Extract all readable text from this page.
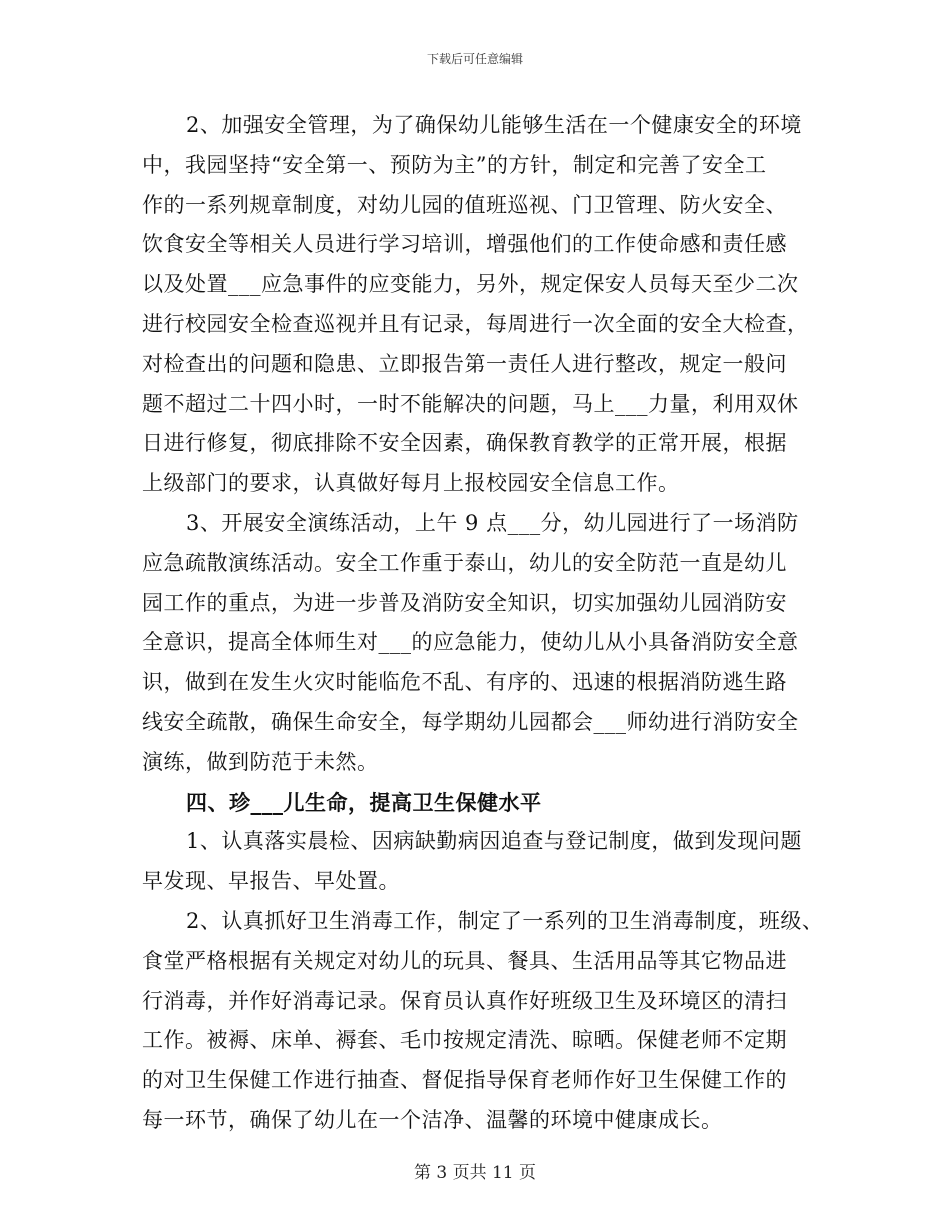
下载后可任意编辑
2、加强安全管理，为了确保幼儿能够生活在一个健康安全的环境
中，我园坚持“安全第一、预防为主”的方针，制定和完善了安全工
作的一系列规章制度，对幼儿园的值班巡视、门卫管理、防火安全、
饮食安全等相关人员进行学习培训，增强他们的工作使命感和责任感
以及处置___应急事件的应变能力，另外，规定保安人员每天至少二次
进行校园安全检查巡视并且有记录，每周进行一次全面的安全大检查，
对检查出的问题和隐患、立即报告第一责任人进行整改，规定一般问
题不超过二十四小时，一时不能解决的问题，马上___力量，利用双休
日进行修复，彻底排除不安全因素，确保教育教学的正常开展，根据
上级部门的要求，认真做好每月上报校园安全信息工作。
3、开展安全演练活动，上午 9 点___分，幼儿园进行了一场消防
应急疏散演练活动。安全工作重于泰山，幼儿的安全防范一直是幼儿
园工作的重点，为进一步普及消防安全知识，切实加强幼儿园消防安
全意识，提高全体师生对___的应急能力，使幼儿从小具备消防安全意
识，做到在发生火灾时能临危不乱、有序的、迅速的根据消防逃生路
线安全疏散，确保生命安全，每学期幼儿园都会___师幼进行消防安全
演练，做到防范于未然。
四、珍___儿生命，提高卫生保健水平
1、认真落实晨检、因病缺勤病因追查与登记制度，做到发现问题
早发现、早报告、早处置。
2、认真抓好卫生消毒工作，制定了一系列的卫生消毒制度，班级、
食堂严格根据有关规定对幼儿的玩具、餐具、生活用品等其它物品进
行消毒，并作好消毒记录。保育员认真作好班级卫生及环境区的清扫
工作。被褥、床单、褥套、毛巾按规定清洗、晾晒。保健老师不定期
的对卫生保健工作进行抽查、督促指导保育老师作好卫生保健工作的
每一环节，确保了幼儿在一个洁净、温馨的环境中健康成长。
第 3 页共 11 页
